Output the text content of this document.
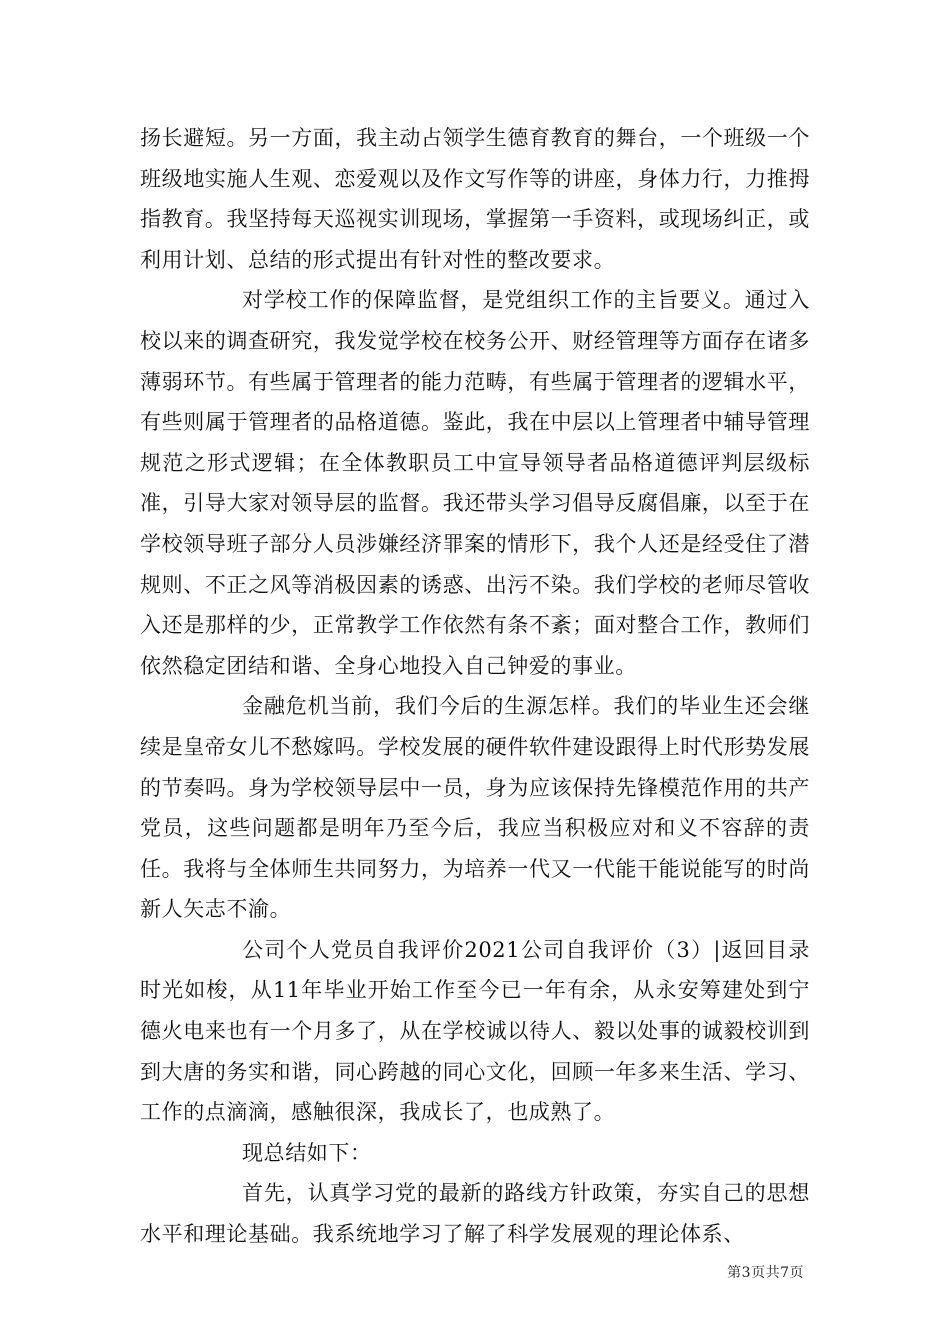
扬长避短。另一方面，我主动占领学生德育教育的舞台，一个班级一个班级地实施人生观、恋爱观以及作文写作等的讲座，身体力行，力推拇指教育。我坚持每天巡视实训现场，掌握第一手资料，或现场纠正，或利用计划、总结的形式提出有针对性的整改要求。

对学校工作的保障监督，是党组织工作的主旨要义。通过入校以来的调查研究，我发觉学校在校务公开、财经管理等方面存在诸多薄弱环节。有些属于管理者的能力范畴，有些属于管理者的逻辑水平，有些则属于管理者的品格道德。鉴此，我在中层以上管理者中辅导管理规范之形式逻辑；在全体教职员工中宣导领导者品格道德评判层级标准，引导大家对领导层的监督。我还带头学习倡导反腐倡廉，以至于在学校领导班子部分人员涉嫌经济罪案的情形下，我个人还是经受住了潜规则、不正之风等消极因素的诱惑、出污不染。我们学校的老师尽管收入还是那样的少，正常教学工作依然有条不紊；面对整合工作，教师们依然稳定团结和谐、全身心地投入自己钟爱的事业。

金融危机当前，我们今后的生源怎样。我们的毕业生还会继续是皇帝女儿不愁嫁吗。学校发展的硬件软件建设跟得上时代形势发展的节奏吗。身为学校领导层中一员，身为应该保持先锋模范作用的共产党员，这些问题都是明年乃至今后，我应当积极应对和义不容辞的责任。我将与全体师生共同努力，为培养一代又一代能干能说能写的时尚新人矢志不渝。

公司个人党员自我评价2021公司自我评价（3）|返回目录时光如梭，从11年毕业开始工作至今已一年有余，从永安筹建处到宁德火电来也有一个月多了，从在学校诚以待人、毅以处事的诚毅校训到到大唐的务实和谐，同心跨越的同心文化，回顾一年多来生活、学习、工作的点滴滴，感触很深，我成长了，也成熟了。

现总结如下：

首先，认真学习党的最新的路线方针政策，夯实自己的思想水平和理论基础。我系统地学习了解了科学发展观的理论体系、

第3页共7页
